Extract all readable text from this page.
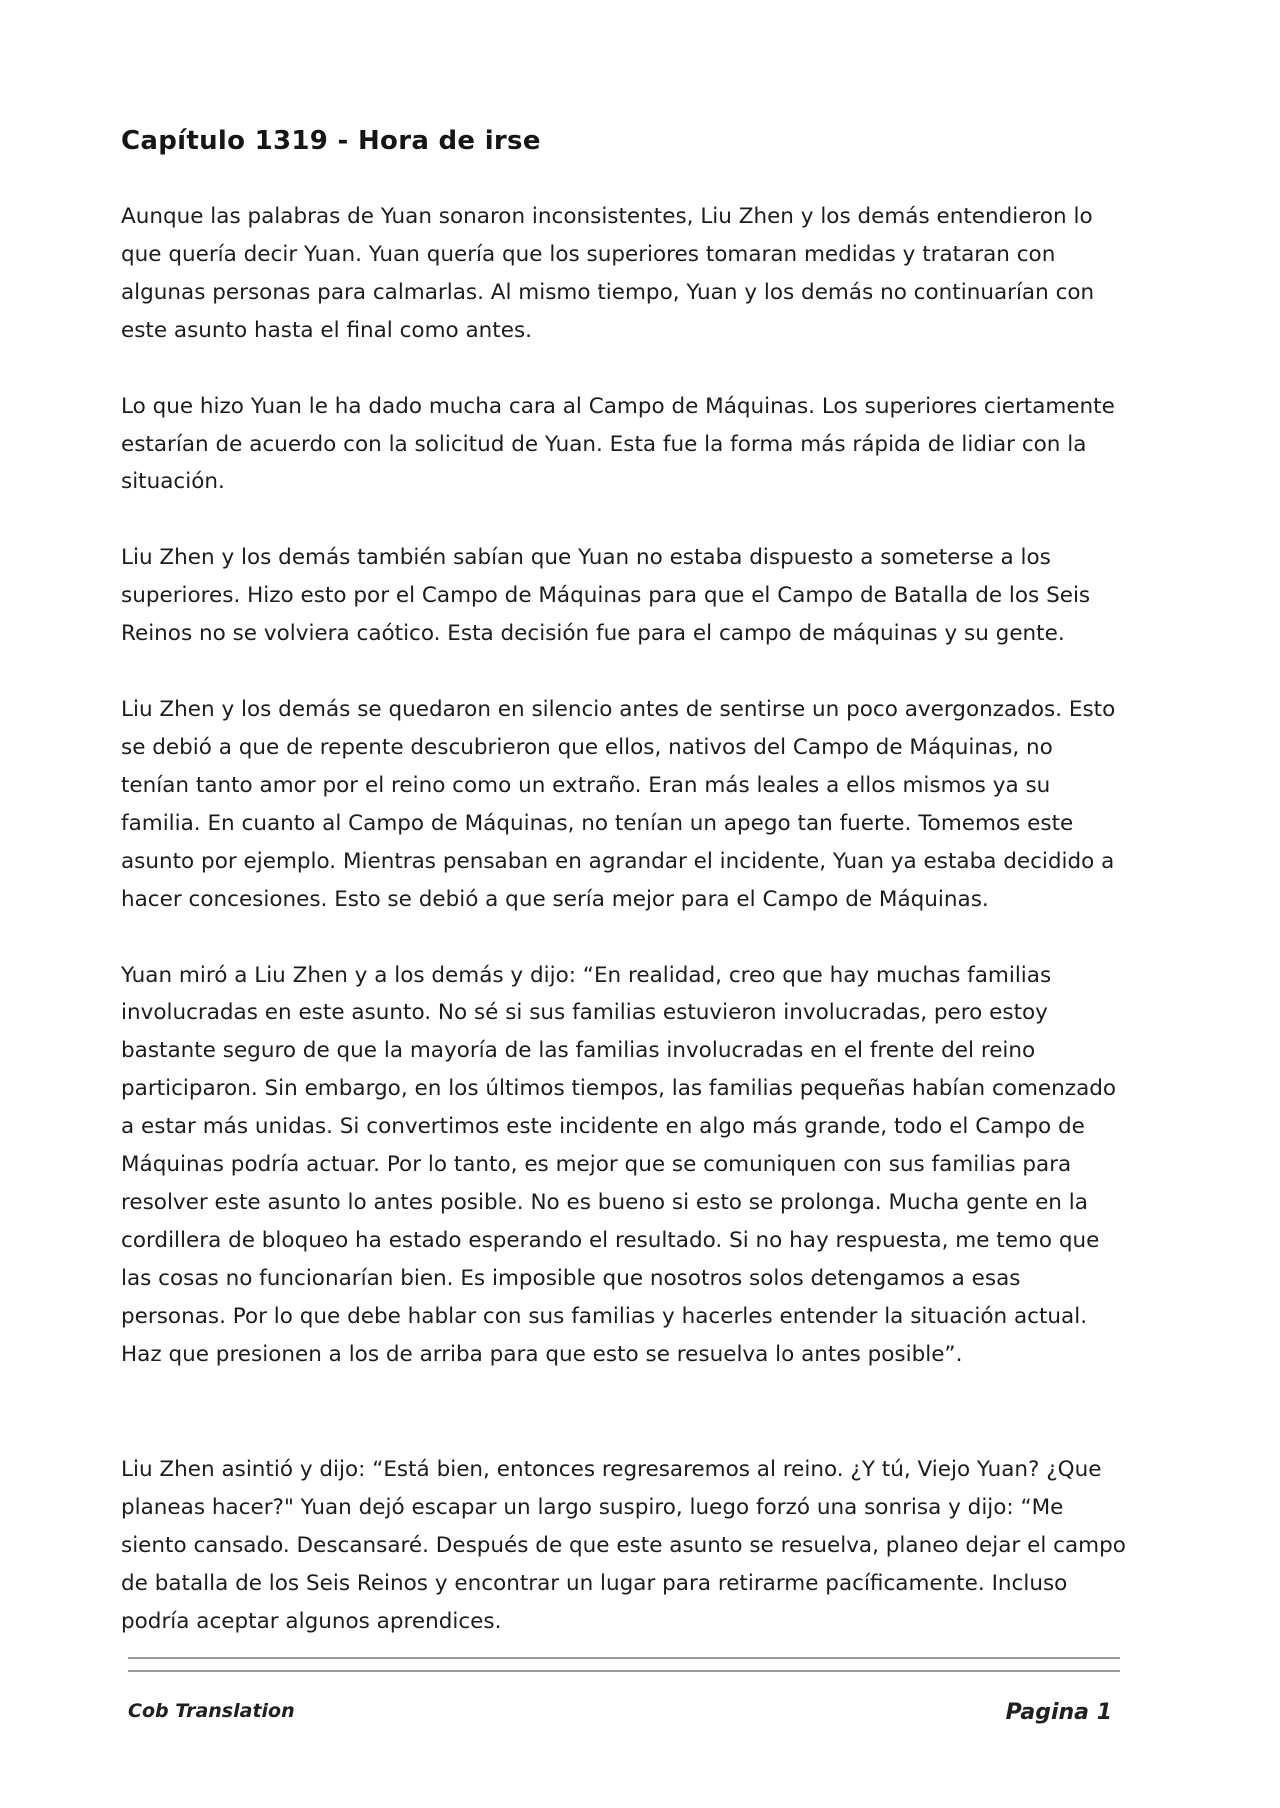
Capítulo 1319 - Hora de irse

Aunque las palabras de Yuan sonaron inconsistentes, Liu Zhen y los demás entendieron lo que quería decir Yuan. Yuan quería que los superiores tomaran medidas y trataran con algunas personas para calmarlas. Al mismo tiempo, Yuan y los demás no continuarían con este asunto hasta el final como antes.

Lo que hizo Yuan le ha dado mucha cara al Campo de Máquinas. Los superiores ciertamente estarían de acuerdo con la solicitud de Yuan. Esta fue la forma más rápida de lidiar con la situación.

Liu Zhen y los demás también sabían que Yuan no estaba dispuesto a someterse a los superiores. Hizo esto por el Campo de Máquinas para que el Campo de Batalla de los Seis Reinos no se volviera caótico. Esta decisión fue para el campo de máquinas y su gente.

Liu Zhen y los demás se quedaron en silencio antes de sentirse un poco avergonzados. Esto se debió a que de repente descubrieron que ellos, nativos del Campo de Máquinas, no tenían tanto amor por el reino como un extraño. Eran más leales a ellos mismos ya su familia. En cuanto al Campo de Máquinas, no tenían un apego tan fuerte. Tomemos este asunto por ejemplo. Mientras pensaban en agrandar el incidente, Yuan ya estaba decidido a hacer concesiones. Esto se debió a que sería mejor para el Campo de Máquinas.

Yuan miró a Liu Zhen y a los demás y dijo: “En realidad, creo que hay muchas familias involucradas en este asunto. No sé si sus familias estuvieron involucradas, pero estoy bastante seguro de que la mayoría de las familias involucradas en el frente del reino participaron. Sin embargo, en los últimos tiempos, las familias pequeñas habían comenzado a estar más unidas. Si convertimos este incidente en algo más grande, todo el Campo de Máquinas podría actuar. Por lo tanto, es mejor que se comuniquen con sus familias para resolver este asunto lo antes posible. No es bueno si esto se prolonga. Mucha gente en la cordillera de bloqueo ha estado esperando el resultado. Si no hay respuesta, me temo que las cosas no funcionarían bien. Es imposible que nosotros solos detengamos a esas personas. Por lo que debe hablar con sus familias y hacerles entender la situación actual. Haz que presionen a los de arriba para que esto se resuelva lo antes posible”.

Liu Zhen asintió y dijo: “Está bien, entonces regresaremos al reino. ¿Y tú, Viejo Yuan? ¿Que planeas hacer?" Yuan dejó escapar un largo suspiro, luego forzó una sonrisa y dijo: “Me siento cansado. Descansaré. Después de que este asunto se resuelva, planeo dejar el campo de batalla de los Seis Reinos y encontrar un lugar para retirarme pacíficamente. Incluso podría aceptar algunos aprendices.

Cob Translation	Pagina 1
